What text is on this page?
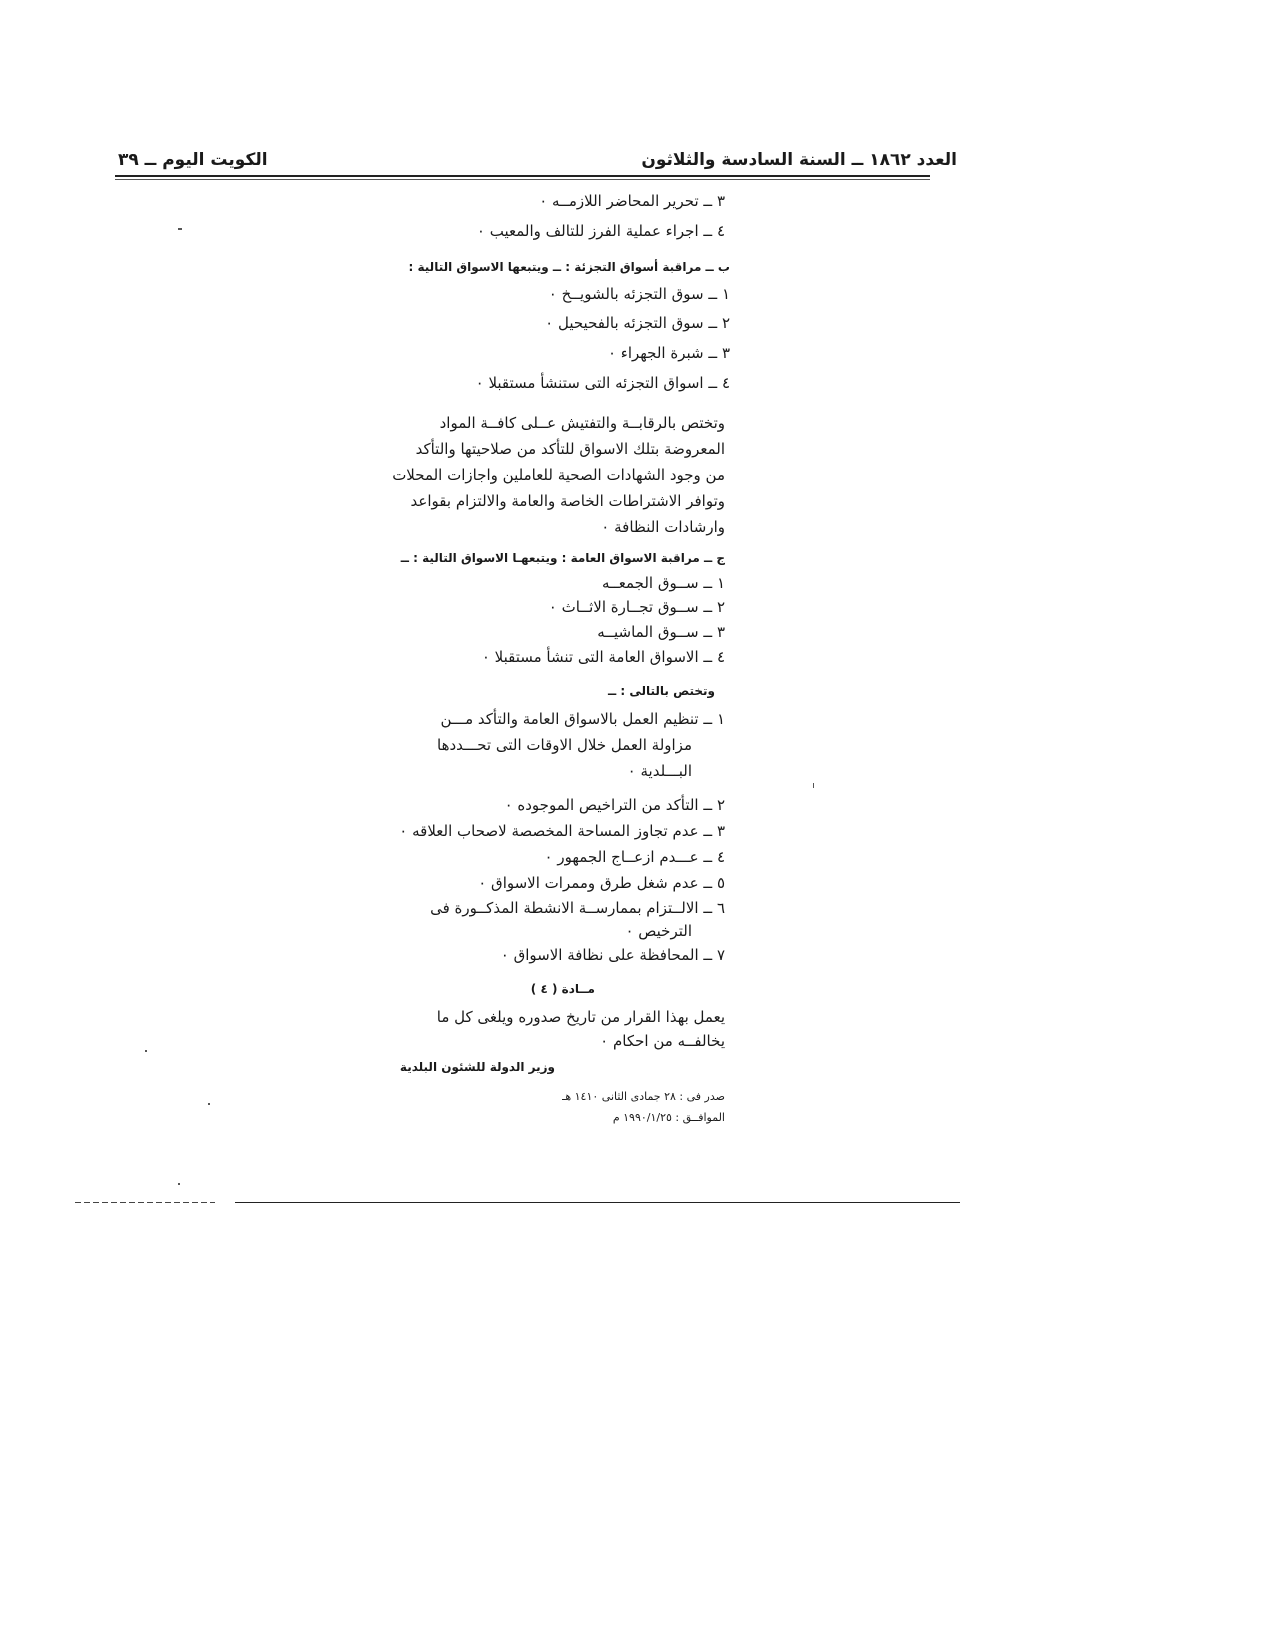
العدد ١٨٦٢ ــ السنة السادسة والثلاثون
الكويت اليوم ــ ٣٩
٣ ــ تحرير المحاضر اللازمــه ٠
٤ ــ اجراء عملية الفرز للتالف والمعيب ٠
ب ــ مراقبة أسواق التجزئة : ــ ويتبعها الاسواق التالية :
١ ــ سوق التجزئه بالشويــخ ٠
٢ ــ سوق التجزئه بالفحيحيل ٠
٣ ــ شبرة الجهراء ٠
٤ ــ اسواق التجزئه التى ستنشأ مستقبلا ٠
وتختص بالرقابــة والتفتيش عــلى كافــة المواد
المعروضة بتلك الاسواق للتأكد من صلاحيتها والتأكد
من وجود الشهادات الصحية للعاملين واجازات المحلات
وتوافر الاشتراطات الخاصة والعامة والالتزام بقواعد
وارشادات النظافة ٠
ج ــ مراقبة الاسواق العامة : ويتبعهـا الاسواق التالية : ــ
١ ــ ســوق الجمعــه
٢ ــ ســوق تجــارة الاثــاث ٠
٣ ــ ســوق الماشيــه
٤ ــ الاسواق العامة التى تنشأ مستقبلا ٠
وتختص بالتالى : ــ
١ ــ تنظيم العمل بالاسواق العامة والتأكد مـــن
مزاولة العمل خلال الاوقات التى تحـــددها
البـــلدية ٠
٢ ــ التأكد من التراخيص الموجوده ٠
٣ ــ عدم تجاوز المساحة المخصصة لاصحاب العلاقه ٠
٤ ــ عـــدم ازعــاج الجمهور ٠
٥ ــ عدم شغل طرق وممرات الاسواق ٠
٦ ــ الالــتزام بممارســة الانشطة المذكــورة فى
الترخيص ٠
٧ ــ المحافظة على نظافة الاسواق ٠
مــادة ( ٤ )
يعمل بهذا القرار من تاريخ صدوره ويلغى كل ما
يخالفــه من احكام ٠
وزير الدولة للشئون البلدية
صدر فى : ٢٨ جمادى الثانى ١٤١٠ هـ
الموافــق : ١٩٩٠/١/٢٥ م
